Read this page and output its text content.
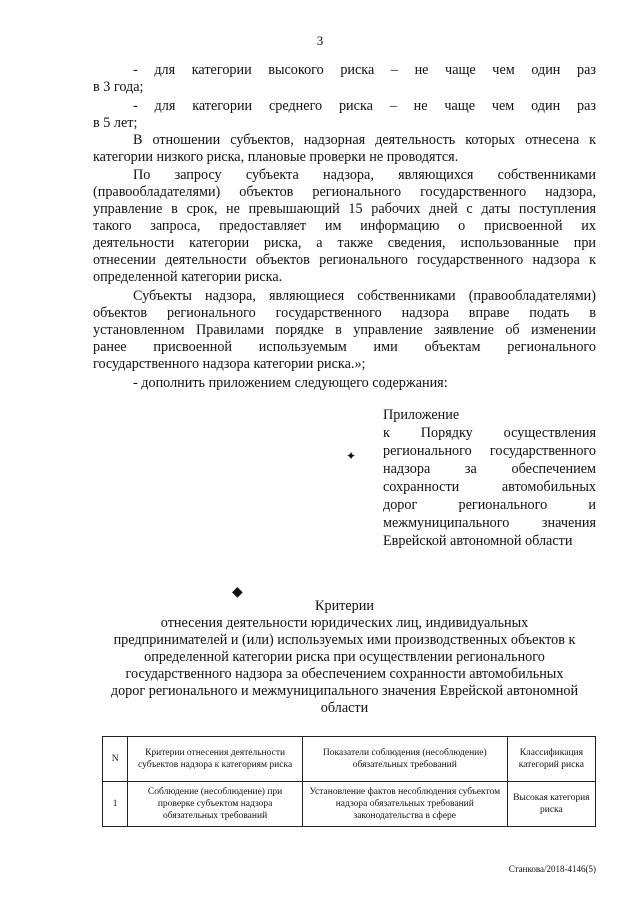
3
- для категории высокого риска – не чаще чем один раз
в 3 года;
- для категории среднего риска – не чаще чем один раз
в 5 лет;
В отношении субъектов, надзорная деятельность которых отнесена к
категории низкого риска, плановые проверки не проводятся.
По запросу субъекта надзора, являющихся собственниками
(правообладателями) объектов регионального государственного надзора,
управление в срок, не превышающий 15 рабочих дней с даты поступления
такого запроса, предоставляет им информацию о присвоенной их
деятельности категории риска, а также сведения, использованные при
отнесении деятельности объектов регионального государственного надзора к
определенной категории риска.
Субъекты надзора, являющиеся собственниками (правообладателями)
объектов регионального государственного надзора вправе подать в
установленном Правилами порядке в управление заявление об изменении
ранее присвоенной используемым ими объектам регионального
государственного надзора категории риска.»;
- дополнить приложением следующего содержания:
Приложение
к Порядку осуществления
регионального государственного
надзора за обеспечением
сохранности автомобильных
дорог регионального и
межмуниципального значения
Еврейской автономной области
✦
◆
Критерии
отнесения деятельности юридических лиц, индивидуальных
предпринимателей и (или) используемых ими производственных объектов к
определенной категории риска при осуществлении регионального
государственного надзора за обеспечением сохранности автомобильных
дорог регионального и межмуниципального значения Еврейской автономной
области
N	Критерии отнесения деятельности субъектов надзора к категориям риска	Показатели соблюдения (несоблюдение) обязательных требований	Классификация категорий риска
1	Соблюдение (несоблюдение) при проверке субъектом надзора обязательных требований	Установление фактов несоблюдения субъектом надзора обязательных требований законодательства в сфере	Высокая категория риска
Станкова/2018-4146(5)
